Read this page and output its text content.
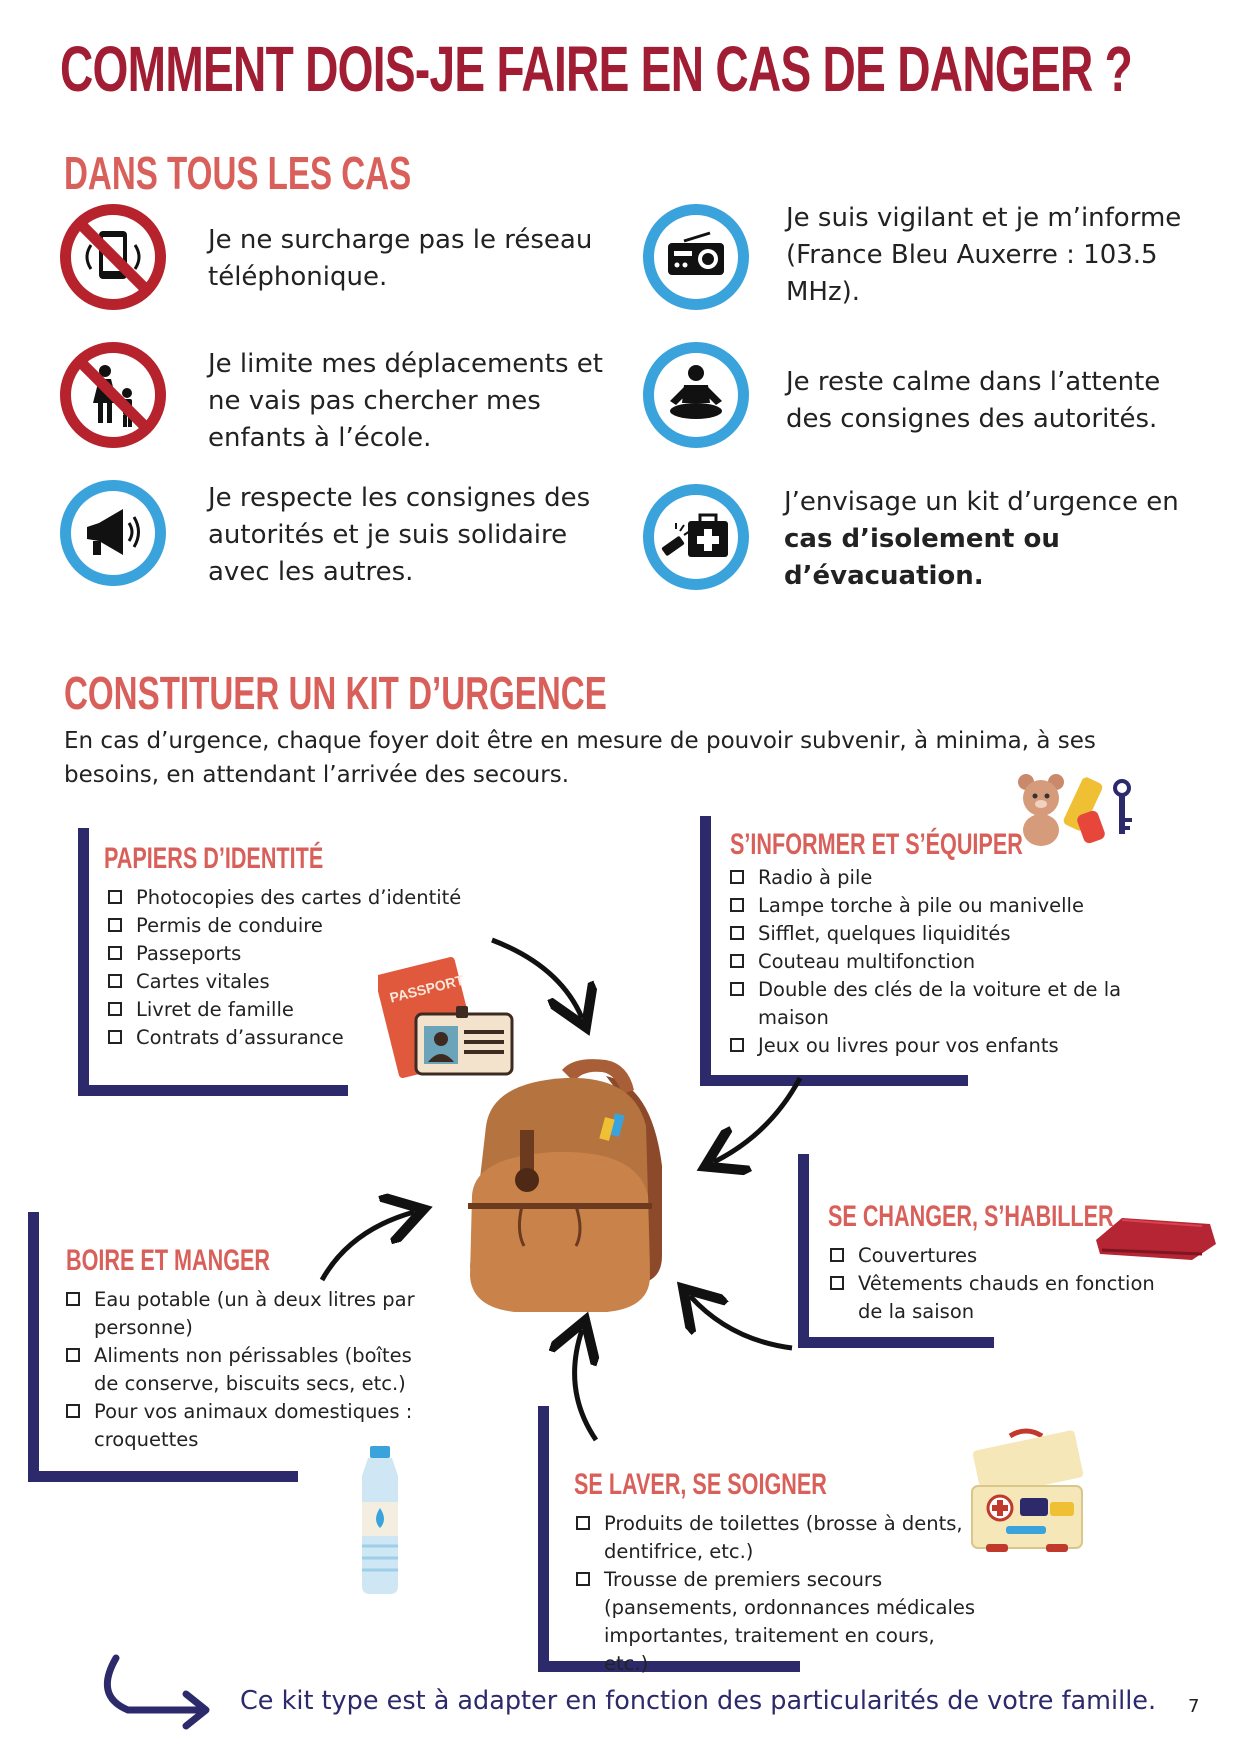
COMMENT DOIS-JE FAIRE EN CAS DE DANGER ?
DANS TOUS LES CAS
Je ne surcharge pas le réseau
téléphonique.
Je limite mes déplacements et
ne vais pas chercher mes
enfants à l’école.
Je respecte les consignes des
autorités et je suis solidaire
avec les autres.
Je suis vigilant et je m’informe
(France Bleu Auxerre : 103.5
MHz).
Je reste calme dans l’attente
des consignes des autorités.
J’envisage un kit d’urgence en
cas d’isolement ou
d’évacuation.
CONSTITUER UN KIT D’URGENCE
En cas d’urgence, chaque foyer doit être en mesure de pouvoir subvenir, à minima, à ses
besoins, en attendant l’arrivée des secours.
PAPIERS D’IDENTITÉ
Photocopies des cartes d’identité
Permis de conduire
Passeports
Cartes vitales
Livret de famille
Contrats d’assurance
PASSPORT
S’INFORMER ET S’ÉQUIPER
Radio à pile
Lampe torche à pile ou manivelle
Sifflet, quelques liquidités
Couteau multifonction
Double des clés de la voiture et de la maison
Jeux ou livres pour vos enfants
SE CHANGER, S’HABILLER
Couvertures
Vêtements chauds en fonction de la saison
BOIRE ET MANGER
Eau potable (un à deux litres par personne)
Aliments non périssables (boîtes de conserve, biscuits secs, etc.)
Pour vos animaux domestiques : croquettes
SE LAVER, SE SOIGNER
Produits de toilettes (brosse à dents, dentifrice, etc.)
Trousse de premiers secours (pansements, ordonnances médicales importantes, traitement en cours, etc.)
Ce kit type est à adapter en fonction des particularités de votre famille. 7
